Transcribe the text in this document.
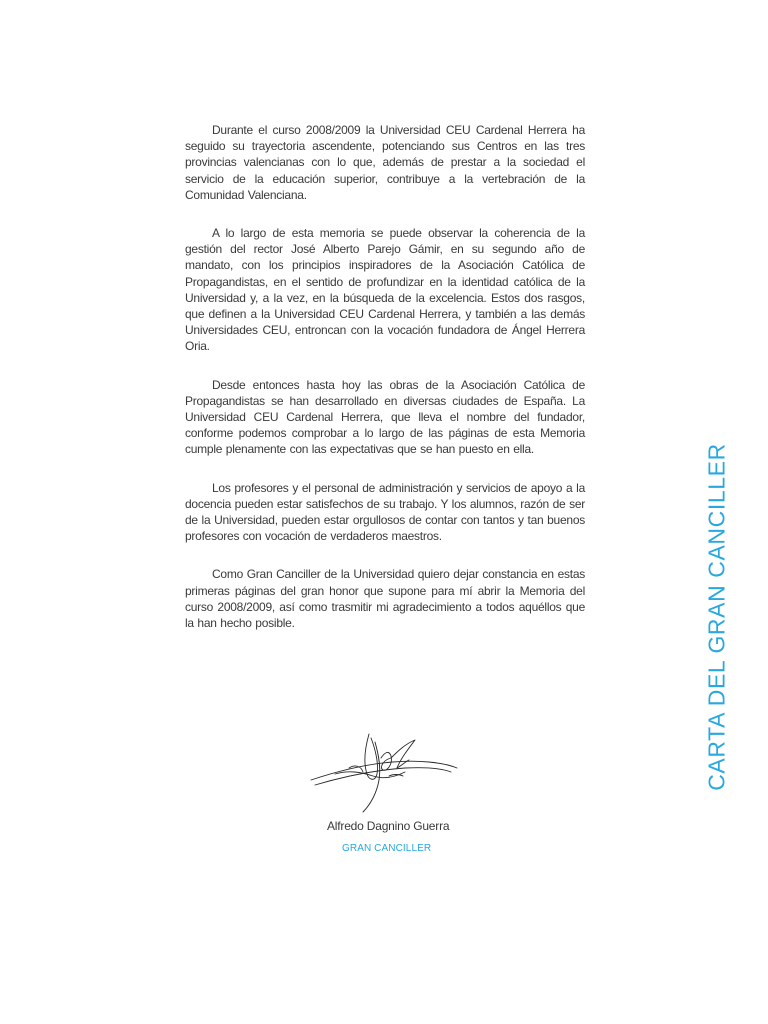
Durante el curso 2008/2009 la Universidad CEU Cardenal Herrera ha seguido su trayectoria ascendente, potenciando sus Centros en las tres provincias valencianas con lo que, además de prestar a la sociedad el servicio de la educación superior, contribuye a la vertebración de la Comunidad Valenciana.

A lo largo de esta memoria se puede observar la coherencia de la gestión del rector José Alberto Parejo Gámir, en su segundo año de mandato, con los principios inspiradores de la Asociación Católica de Propagandistas, en el sentido de profundizar en la identidad católica de la Universidad y, a la vez, en la búsqueda de la excelencia. Estos dos rasgos, que definen a la Universidad CEU Cardenal Herrera, y también a las demás Universidades CEU, entroncan con la vocación fundadora de Ángel Herrera Oria.

Desde entonces hasta hoy las obras de la Asociación Católica de Propagandistas se han desarrollado en diversas ciudades de España. La Universidad CEU Cardenal Herrera, que lleva el nombre del fundador, conforme podemos comprobar a lo largo de las páginas de esta Memoria cumple plenamente con las expectativas que se han puesto en ella.

Los profesores y el personal de administración y servicios de apoyo a la docencia pueden estar satisfechos de su trabajo. Y los alumnos, razón de ser de la Universidad, pueden estar orgullosos de contar con tantos y tan buenos profesores con vocación de verdaderos maestros.

Como Gran Canciller de la Universidad quiero dejar constancia en estas primeras páginas del gran honor que supone para mí abrir la Memoria del curso 2008/2009, así como trasmitir mi agradecimiento a todos aquéllos que la han hecho posible.

Alfredo Dagnino Guerra
GRAN CANCILLER
CARTA DEL GRAN CANCILLER
